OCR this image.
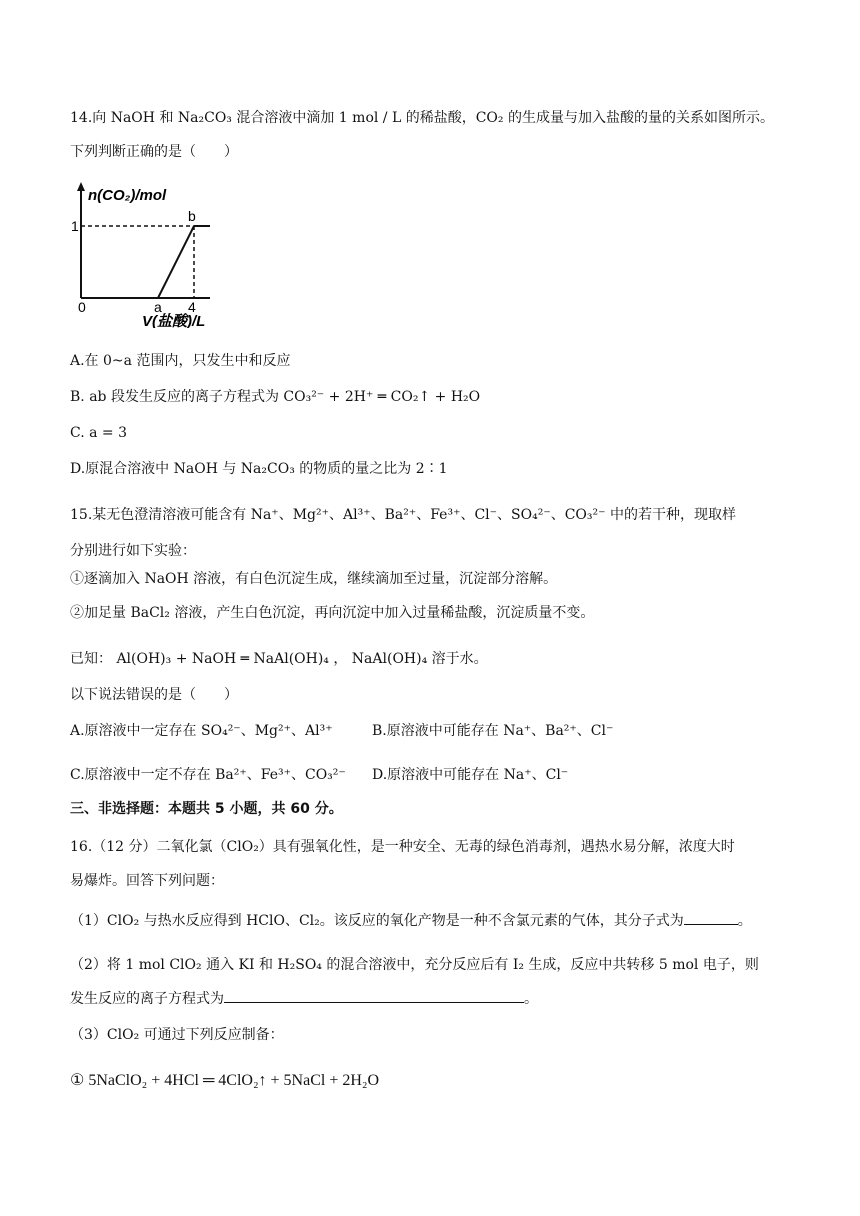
14.向 NaOH 和 Na₂CO₃ 混合溶液中滴加 1 mol / L 的稀盐酸，CO₂ 的生成量与加入盐酸的量的关系如图所示。
下列判断正确的是（　　）
n(CO₂)/mol
1
0	a 4
b
V(盐酸)/L
A.在 0~a 范围内，只发生中和反应
B. ab 段发生反应的离子方程式为 CO₃²⁻ + 2H⁺ ═ CO₂↑ + H₂O
C. a = 3
D.原混合溶液中 NaOH 与 Na₂CO₃ 的物质的量之比为 2∶1
15.某无色澄清溶液可能含有 Na⁺、Mg²⁺、Al³⁺、Ba²⁺、Fe³⁺、Cl⁻、SO₄²⁻、CO₃²⁻ 中的若干种，现取样
分别进行如下实验：
①逐滴加入 NaOH 溶液，有白色沉淀生成，继续滴加至过量，沉淀部分溶解。
②加足量 BaCl₂ 溶液，产生白色沉淀，再向沉淀中加入过量稀盐酸，沉淀质量不变。
已知： Al(OH)₃ + NaOH ═ NaAl(OH)₄ ， NaAl(OH)₄ 溶于水。
以下说法错误的是（　　）
A.原溶液中一定存在 SO₄²⁻、Mg²⁺、Al³⁺	B.原溶液中可能存在 Na⁺、Ba²⁺、Cl⁻
C.原溶液中一定不存在 Ba²⁺、Fe³⁺、CO₃²⁻ D.原溶液中可能存在 Na⁺、Cl⁻
三、非选择题：本题共 5 小题，共 60 分。
16.（12 分）二氧化氯（ClO₂）具有强氧化性，是一种安全、无毒的绿色消毒剂，遇热水易分解，浓度大时
易爆炸。回答下列问题：
（1）ClO₂ 与热水反应得到 HClO、Cl₂。该反应的氧化产物是一种不含氯元素的气体，其分子式为	。
（2）将 1 mol ClO₂ 通入 KI 和 H₂SO₄ 的混合溶液中，充分反应后有 I₂ 生成，反应中共转移 5 mol 电子，则
发生反应的离子方程式为	。
（3）ClO₂ 可通过下列反应制备：
① 5NaClO₂ + 4HCl ═ 4ClO₂↑ + 5NaCl + 2H₂O
